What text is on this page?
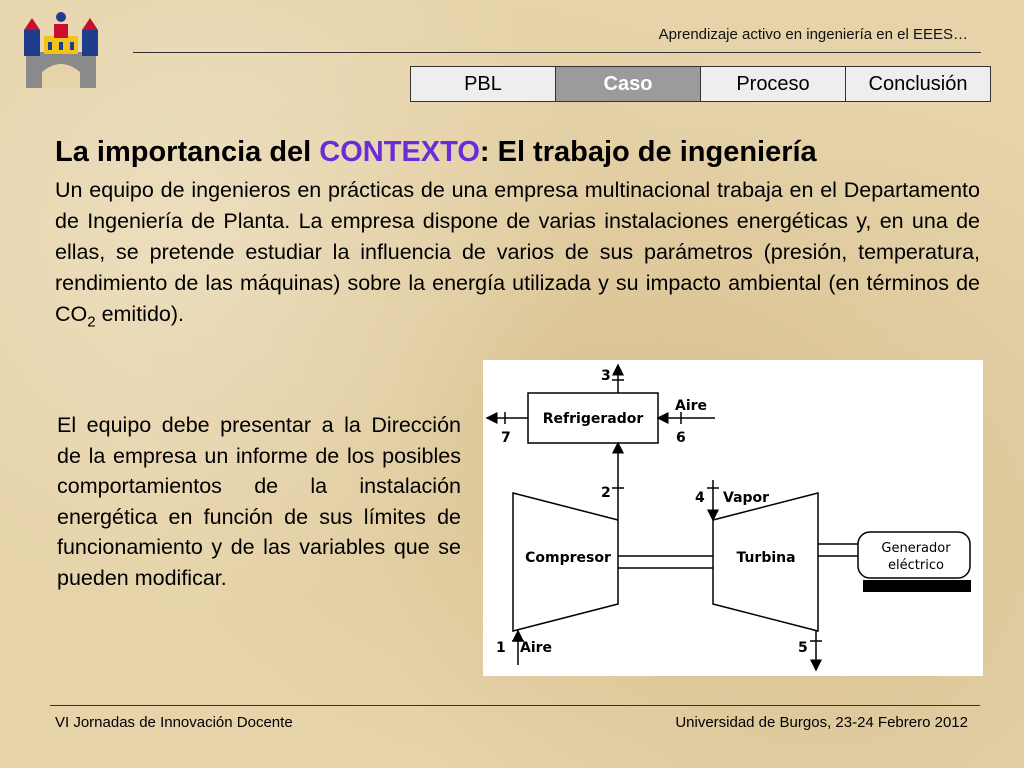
Aprendizaje activo en ingeniería en el EEES…
PBL	Caso	Proceso	Conclusión
La importancia del CONTEXTO: El trabajo de ingeniería

Un equipo de ingenieros en prácticas de una empresa multinacional trabaja en el Departamento de Ingeniería de Planta. La empresa dispone de varias instalaciones energéticas y, en una de ellas, se pretende estudiar la influencia de varios de sus parámetros (presión, temperatura, rendimiento de las máquinas) sobre la energía utilizada y su impacto ambiental (en términos de $CO_2$ emitido).

El equipo debe presentar a la Dirección de la empresa un informe de los posibles comportamientos de la instalación energética en función de sus límites de funcionamiento y de las variables que se pueden modificar.

Refrigerador
Compresor	Turbina
Aire
Aire
Vapor
3
7	6
2	4
1	5
Generador
eléctrico
VI Jornadas de Innovación Docente	Universidad de Burgos, 23-24 Febrero 2012
